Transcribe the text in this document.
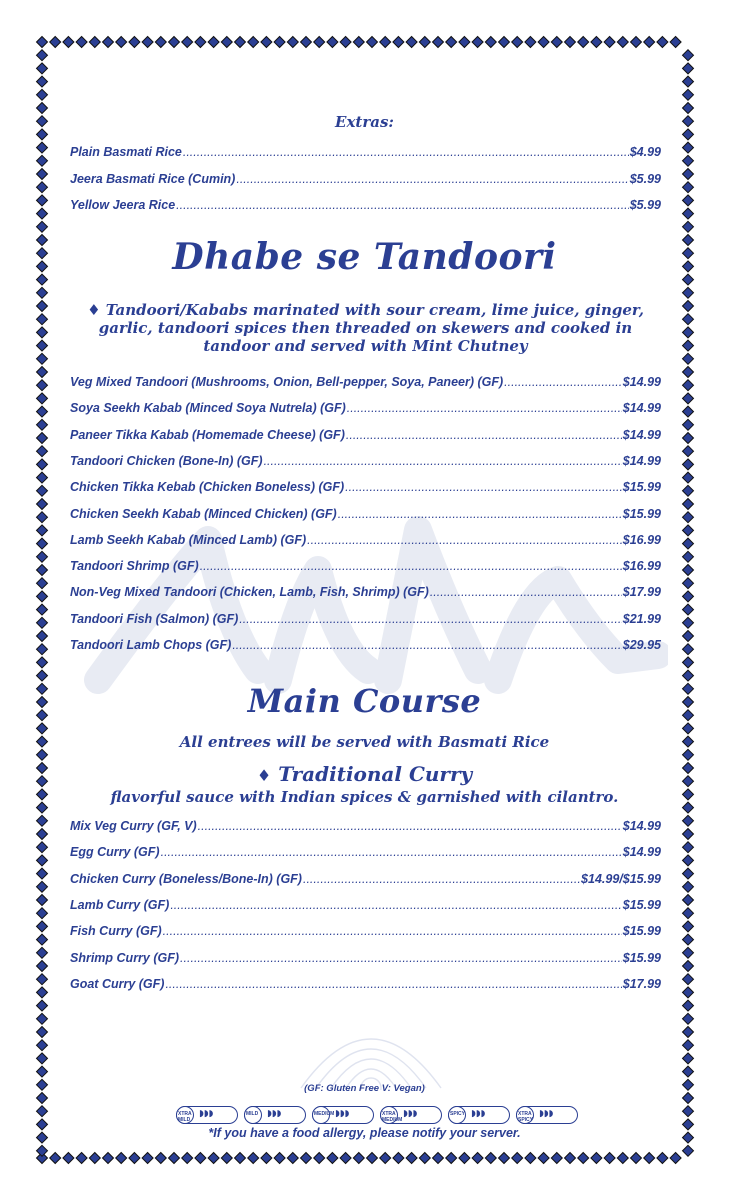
Extras:
Plain Basmati Rice .....	$4.99
Jeera Basmati Rice (Cumin) .....	$5.99
Yellow Jeera Rice .....	$5.99
Dhabe se Tandoori
♦ Tandoori/Kababs marinated with sour cream, lime juice, ginger, garlic, tandoori spices then threaded on skewers and cooked in tandoor and served with Mint Chutney
Veg Mixed Tandoori (Mushrooms, Onion, Bell-pepper, Soya, Paneer) (GF) .....	$14.99
Soya Seekh Kabab (Minced Soya Nutrela) (GF) .....	$14.99
Paneer Tikka Kabab (Homemade Cheese) (GF) .....	$14.99
Tandoori Chicken (Bone-In) (GF) .....	$14.99
Chicken Tikka Kebab (Chicken Boneless) (GF) .....	$15.99
Chicken Seekh Kabab (Minced Chicken) (GF) .....	$15.99
Lamb Seekh Kabab (Minced Lamb) (GF) .....	$16.99
Tandoori Shrimp (GF) .....	$16.99
Non-Veg Mixed Tandoori (Chicken, Lamb, Fish, Shrimp) (GF) .....	$17.99
Tandoori Fish (Salmon) (GF) .....	$21.99
Tandoori Lamb Chops (GF) .....	$29.95
Main Course
All entrees will be served with Basmati Rice
♦ Traditional Curry
flavorful sauce with Indian spices & garnished with cilantro.
Mix Veg Curry (GF, V) .....	$14.99
Egg Curry (GF) .....	$14.99
Chicken Curry (Boneless/Bone-In) (GF) .....	$14.99/$15.99
Lamb Curry (GF) .....	$15.99
Fish Curry (GF) .....	$15.99
Shrimp Curry (GF) .....	$15.99
Goat Curry (GF) .....	$17.99
(GF: Gluten Free V: Vegan)
XTRA MILD
◗◗◗	MILD ◗◗◗	MEDIUM ◗◗◗	XTRA MEDIUM
◗◗◗	SPICY ◗◗◗	XTRA SPICY
◗◗◗
*If you have a food allergy, please notify your server.
